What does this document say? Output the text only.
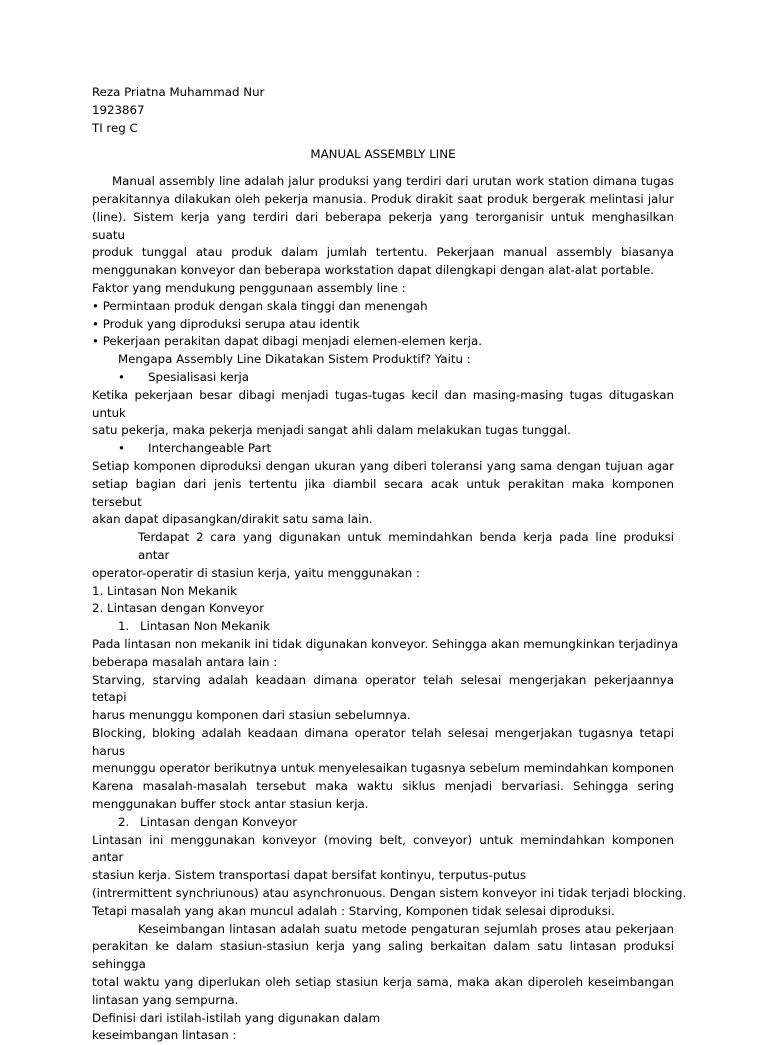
Reza Priatna Muhammad Nur
1923867
TI reg C
MANUAL ASSEMBLY LINE
Manual assembly line adalah jalur produksi yang terdiri dari urutan work station dimana tugas
perakitannya dilakukan oleh pekerja manusia. Produk dirakit saat produk bergerak melintasi jalur
(line). Sistem kerja yang terdiri dari beberapa pekerja yang terorganisir untuk menghasilkan suatu
produk tunggal atau produk dalam jumlah tertentu. Pekerjaan manual assembly biasanya
menggunakan konveyor dan beberapa workstation dapat dilengkapi dengan alat-alat portable.
Faktor yang mendukung penggunaan assembly line :
• Permintaan produk dengan skala tinggi dan menengah
• Produk yang diproduksi serupa atau identik
• Pekerjaan perakitan dapat dibagi menjadi elemen-elemen kerja.
Mengapa Assembly Line Dikatakan Sistem Produktif? Yaitu :
• Spesialisasi kerja
Ketika pekerjaan besar dibagi menjadi tugas-tugas kecil dan masing-masing tugas ditugaskan untuk
satu pekerja, maka pekerja menjadi sangat ahli dalam melakukan tugas tunggal.
• Interchangeable Part
Setiap komponen diproduksi dengan ukuran yang diberi toleransi yang sama dengan tujuan agar
setiap bagian dari jenis tertentu jika diambil secara acak untuk perakitan maka komponen tersebut
akan dapat dipasangkan/dirakit satu sama lain.
Terdapat 2 cara yang digunakan untuk memindahkan benda kerja pada line produksi antar
operator-operatir di stasiun kerja, yaitu menggunakan :
1. Lintasan Non Mekanik
2. Lintasan dengan Konveyor
1. Lintasan Non Mekanik
Pada lintasan non mekanik ini tidak digunakan konveyor. Sehingga akan memungkinkan terjadinya
beberapa masalah antara lain :
Starving, starving adalah keadaan dimana operator telah selesai mengerjakan pekerjaannya tetapi
harus menunggu komponen dari stasiun sebelumnya.
Blocking, bloking adalah keadaan dimana operator telah selesai mengerjakan tugasnya tetapi harus
menunggu operator berikutnya untuk menyelesaikan tugasnya sebelum memindahkan komponen
Karena masalah-masalah tersebut maka waktu siklus menjadi bervariasi. Sehingga sering
menggunakan buffer stock antar stasiun kerja.
2. Lintasan dengan Konveyor
Lintasan ini menggunakan konveyor (moving belt, conveyor) untuk memindahkan komponen antar
stasiun kerja. Sistem transportasi dapat bersifat kontinyu, terputus-putus
(intrermittent synchriunous) atau asynchronuous. Dengan sistem konveyor ini tidak terjadi blocking.
Tetapi masalah yang akan muncul adalah : Starving, Komponen tidak selesai diproduksi.
Keseimbangan lintasan adalah suatu metode pengaturan sejumlah proses atau pekerjaan
perakitan ke dalam stasiun-stasiun kerja yang saling berkaitan dalam satu lintasan produksi sehingga
total waktu yang diperlukan oleh setiap stasiun kerja sama, maka akan diperoleh keseimbangan
lintasan yang sempurna.
Definisi dari istilah-istilah yang digunakan dalam
keseimbangan lintasan :
